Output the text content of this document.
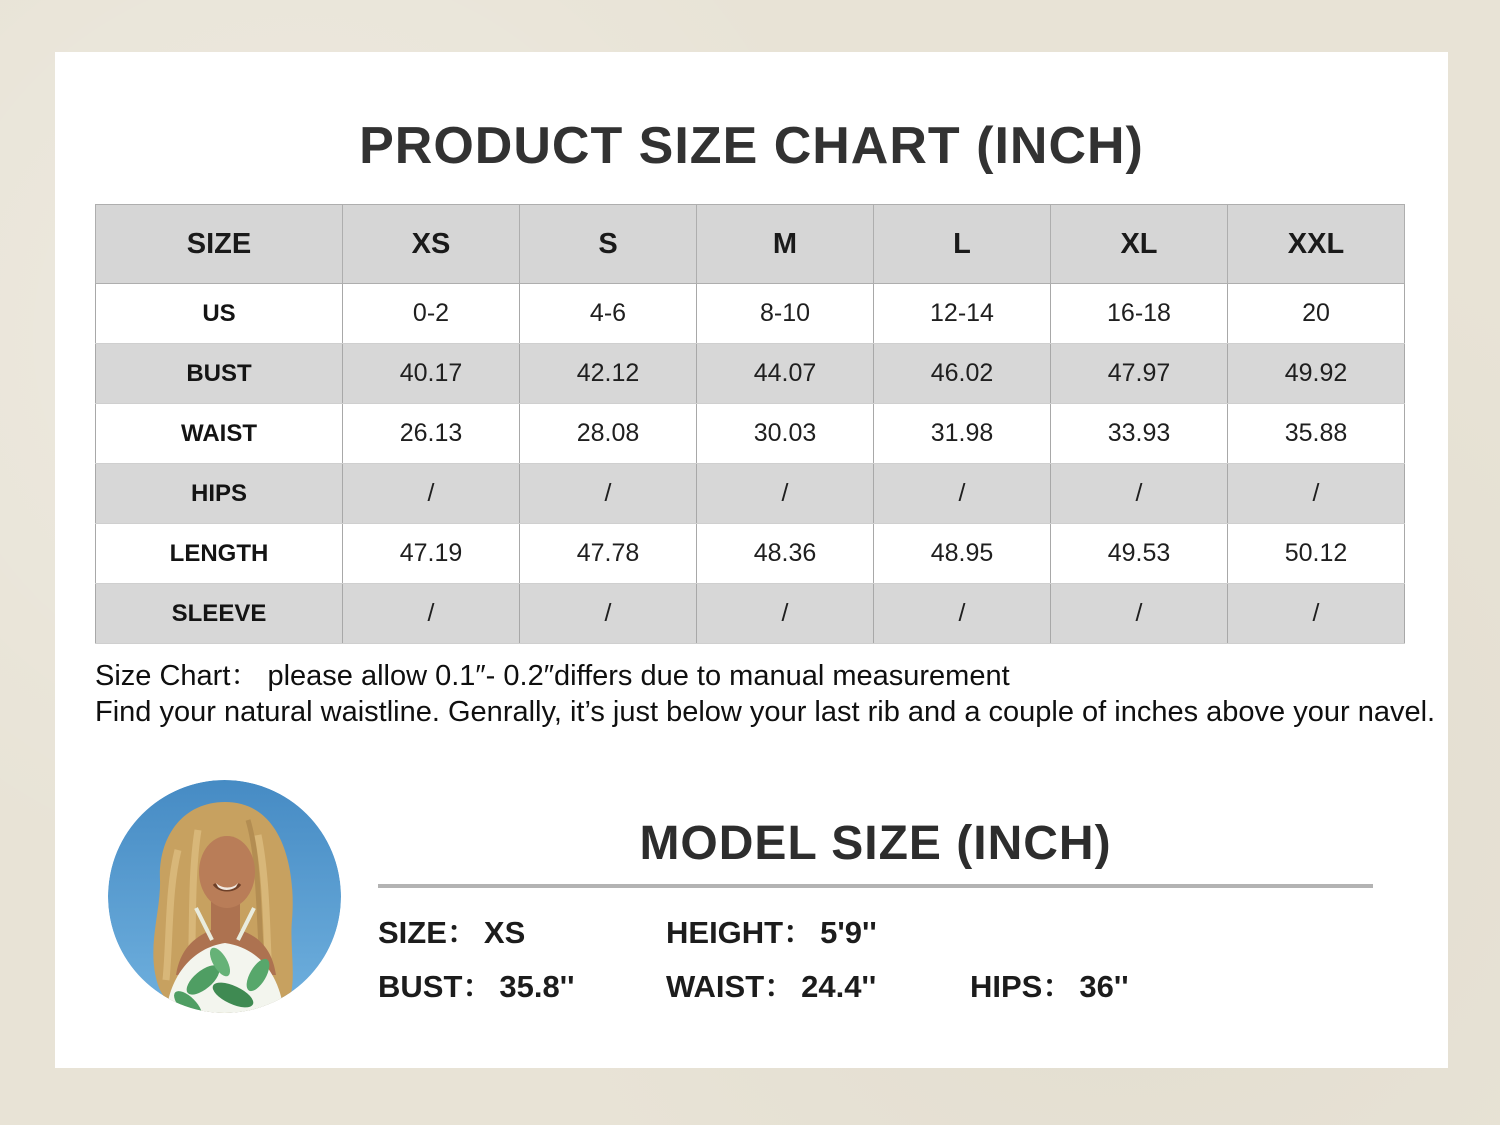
PRODUCT SIZE CHART (INCH)
SIZE	XS	S	M	L	XL	XXL
US	0-2	4-6	8-10	12-14	16-18	20
BUST	40.17	42.12	44.07	46.02	47.97	49.92
WAIST	26.13	28.08	30.03	31.98	33.93	35.88
HIPS	/	/	/	/	/	/
LENGTH	47.19	47.78	48.36	48.95	49.53	50.12
SLEEVE	/	/	/	/	/	/

Size Chart： please allow 0.1″- 0.2″differs due to manual measurement

Find your natural waistline. Genrally, it’s just below your last rib and a couple of inches above your navel.

MODEL SIZE (INCH)
SIZE： XS	HEIGHT： 5'9''
BUST： 35.8''	WAIST： 24.4''	HIPS： 36''
